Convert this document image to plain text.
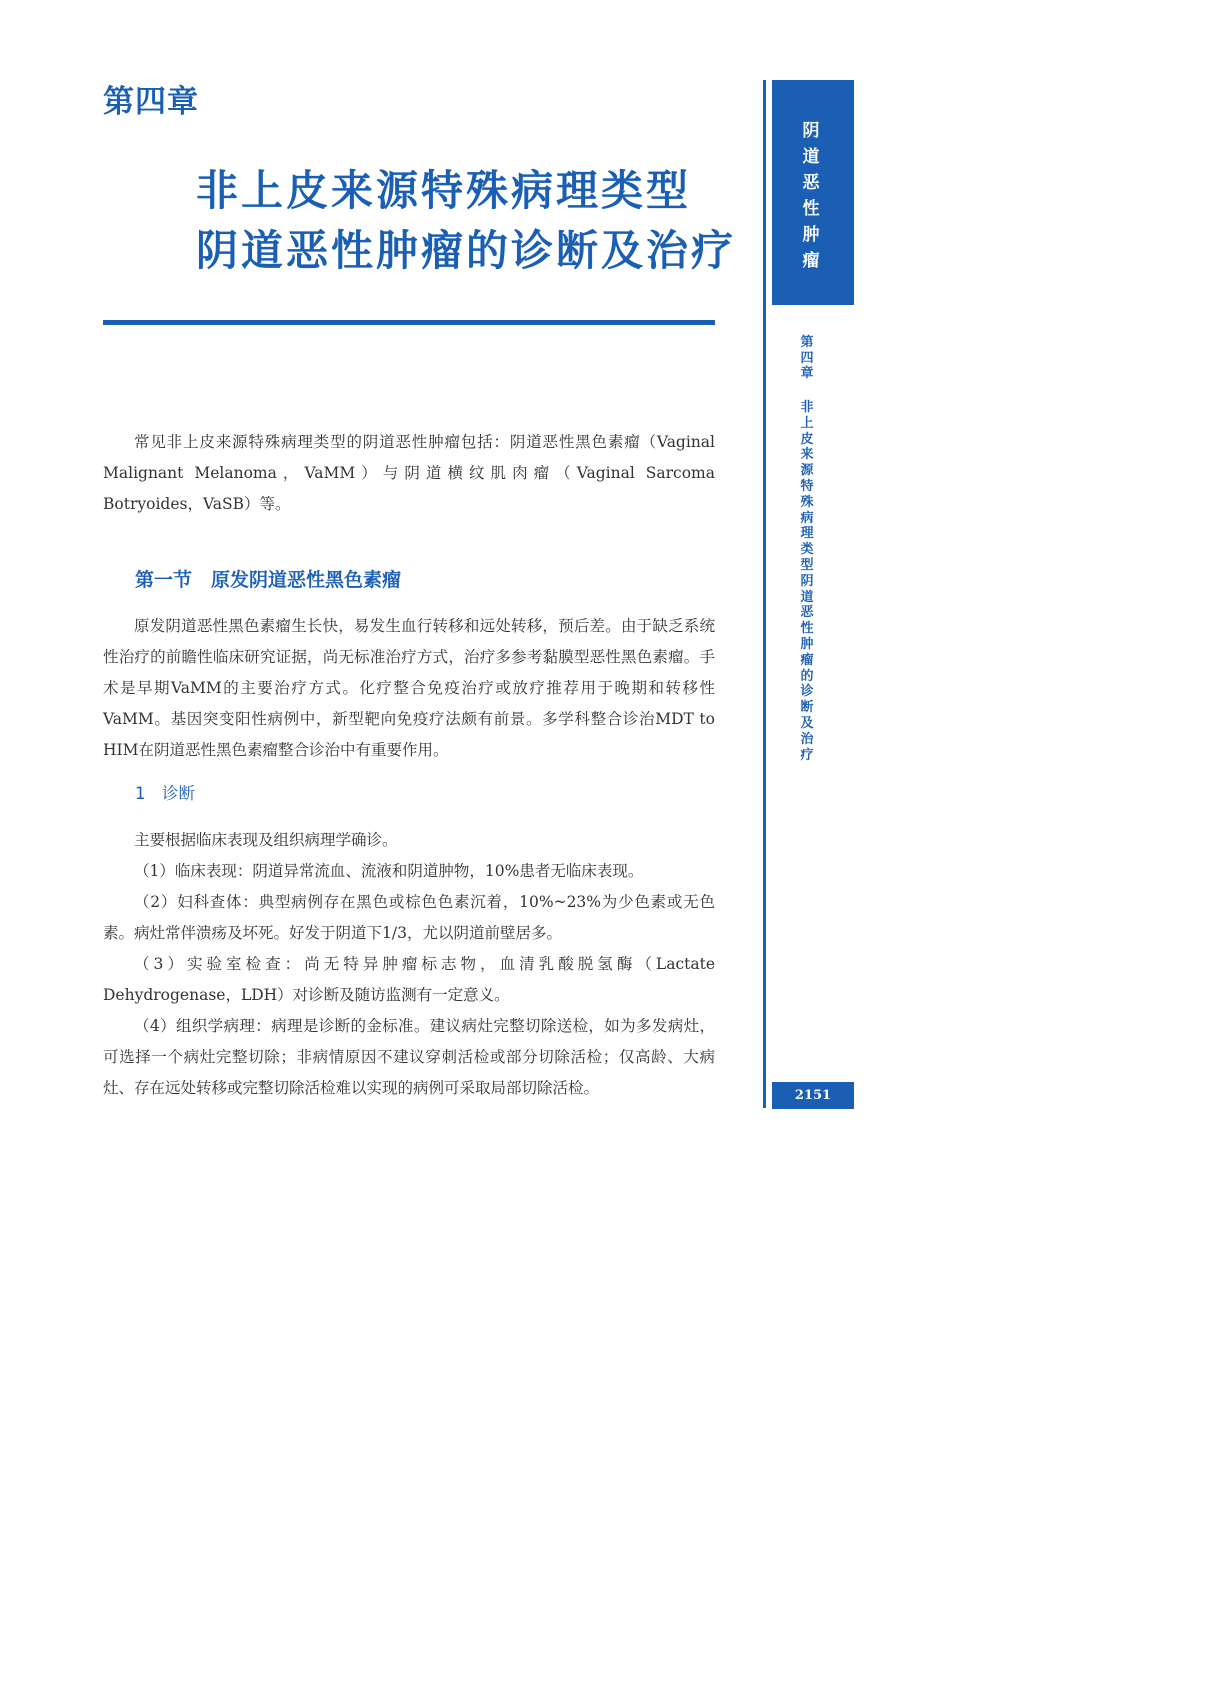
第四章
非上皮来源特殊病理类型
阴道恶性肿瘤的诊断及治疗
阴道恶性肿瘤
第四章
非上皮来源特殊病理类型阴道恶性肿瘤的诊断及治疗
2151

常见非上皮来源特殊病理类型的阴道恶性肿瘤包括：阴道恶性黑色素瘤（Vaginal Malignant Melanoma，VaMM）与阴道横纹肌肉瘤（Vaginal Sarcoma Botryoides，VaSB）等。

第一节　原发阴道恶性黑色素瘤

原发阴道恶性黑色素瘤生长快，易发生血行转移和远处转移，预后差。由于缺乏系统性治疗的前瞻性临床研究证据，尚无标准治疗方式，治疗多参考黏膜型恶性黑色素瘤。手术是早期VaMM的主要治疗方式。化疗整合免疫治疗或放疗推荐用于晚期和转移性VaMM。基因突变阳性病例中，新型靶向免疫疗法颇有前景。多学科整合诊治MDT to HIM在阴道恶性黑色素瘤整合诊治中有重要作用。

1　诊断

主要根据临床表现及组织病理学确诊。

（1）临床表现：阴道异常流血、流液和阴道肿物，10%患者无临床表现。

（2）妇科查体：典型病例存在黑色或棕色色素沉着，10%~23%为少色素或无色素。病灶常伴溃疡及坏死。好发于阴道下1/3，尤以阴道前壁居多。

（3）实验室检查：尚无特异肿瘤标志物，血清乳酸脱氢酶（Lactate Dehydrogenase，LDH）对诊断及随访监测有一定意义。

（4）组织学病理：病理是诊断的金标准。建议病灶完整切除送检，如为多发病灶，可选择一个病灶完整切除；非病情原因不建议穿刺活检或部分切除活检；仅高龄、大病灶、存在远处转移或完整切除活检难以实现的病例可采取局部切除活检。
